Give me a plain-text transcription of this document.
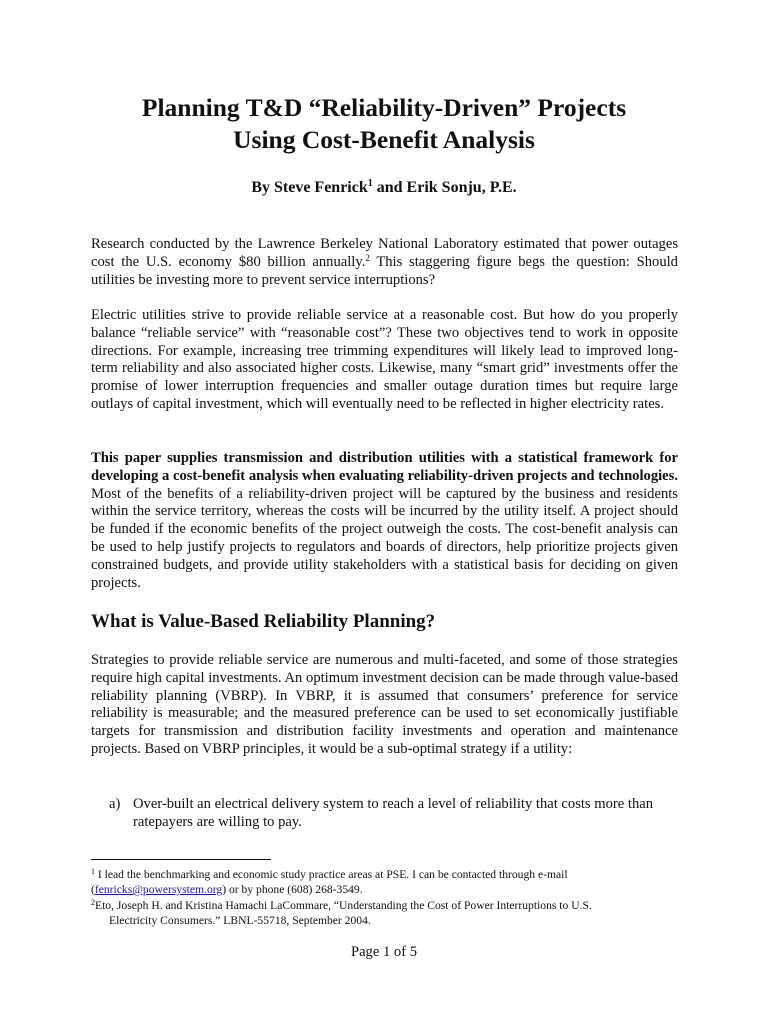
Planning T&D “Reliability-Driven” Projects
Using Cost-Benefit Analysis

By Steve Fenrick$^1$ and Erik Sonju, P.E.

Research conducted by the Lawrence Berkeley National Laboratory estimated that power outages cost the U.S. economy $80 billion annually.$^2$ This staggering figure begs the question: Should utilities be investing more to prevent service interruptions?

Electric utilities strive to provide reliable service at a reasonable cost. But how do you properly balance “reliable service” with “reasonable cost”? These two objectives tend to work in opposite directions. For example, increasing tree trimming expenditures will likely lead to improved long-term reliability and also associated higher costs. Likewise, many “smart grid” investments offer the promise of lower interruption frequencies and smaller outage duration times but require large outlays of capital investment, which will eventually need to be reflected in higher electricity rates.

This paper supplies transmission and distribution utilities with a statistical framework for developing a cost-benefit analysis when evaluating reliability-driven projects and technologies. Most of the benefits of a reliability-driven project will be captured by the business and residents within the service territory, whereas the costs will be incurred by the utility itself. A project should be funded if the economic benefits of the project outweigh the costs. The cost-benefit analysis can be used to help justify projects to regulators and boards of directors, help prioritize projects given constrained budgets, and provide utility stakeholders with a statistical basis for deciding on given projects.

What is Value-Based Reliability Planning?

Strategies to provide reliable service are numerous and multi-faceted, and some of those strategies require high capital investments. An optimum investment decision can be made through value-based reliability planning (VBRP). In VBRP, it is assumed that consumers’ preference for service reliability is measurable; and the measured preference can be used to set economically justifiable targets for transmission and distribution facility investments and operation and maintenance projects. Based on VBRP principles, it would be a sub-optimal strategy if a utility:

a) Over-built an electrical delivery system to reach a level of reliability that costs more than ratepayers are willing to pay.

$^1$ I lead the benchmarking and economic study practice areas at PSE. I can be contacted through e-mail (fenricks@powersystem.org) or by phone (608) 268-3549.

$^2$Eto, Joseph H. and Kristina Hamachi LaCommare, “Understanding the Cost of Power Interruptions to U.S.
Electricity Consumers.” LBNL-55718, September 2004.

Page 1 of 5
